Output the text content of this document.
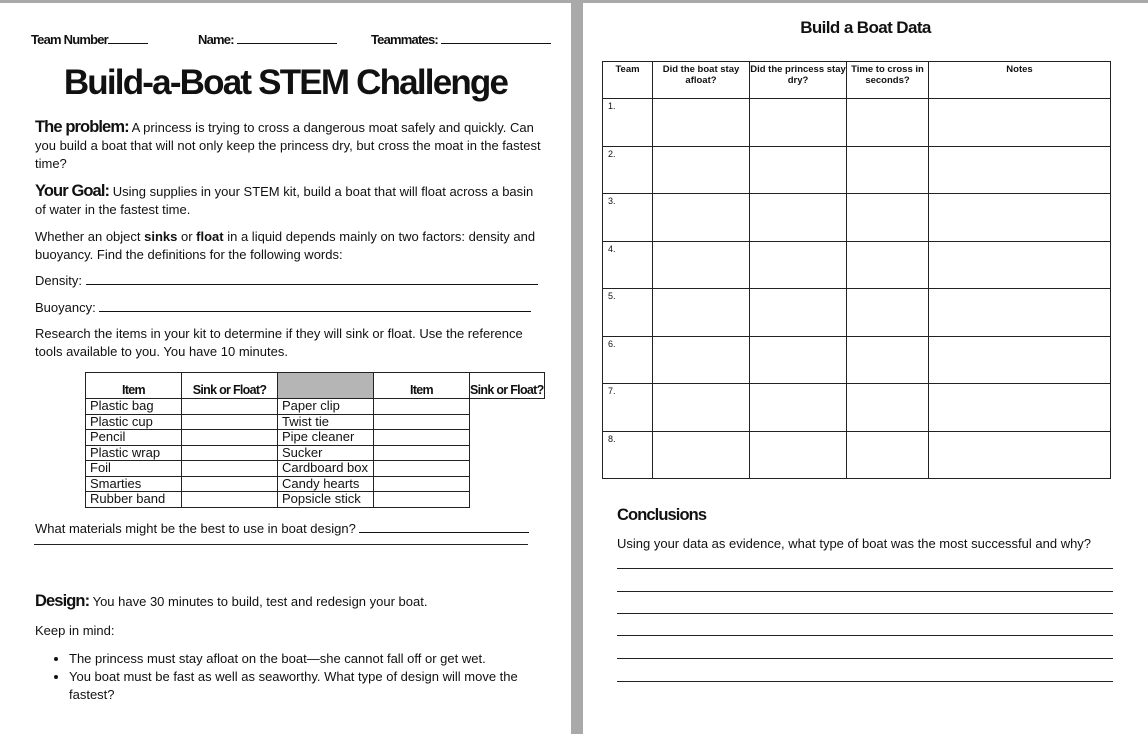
Team Number	Name:	Teammates:
Build-a-Boat STEM Challenge
The problem: A princess is trying to cross a dangerous moat safely and quickly. Can you build a boat that will not only keep the princess dry, but cross the moat in the fastest time?
Your Goal: Using supplies in your STEM kit, build a boat that will float across a basin of water in the fastest time.
Whether an object sinks or float in a liquid depends mainly on two factors: density and buoyancy. Find the definitions for the following words:
Density:
Buoyancy:
Research the items in your kit to determine if they will sink or float. Use the reference tools available to you. You have 10 minutes.
Item	Sink or Float?		Item	Sink or Float?
Plastic bag		Paper clip		
Plastic cup		Twist tie		
Pencil		Pipe cleaner		
Plastic wrap		Sucker		
Foil		Cardboard box		
Smarties		Candy hearts		
Rubber band		Popsicle stick		
What materials might be the best to use in boat design?
Design: You have 30 minutes to build, test and redesign your boat.
Keep in mind:
• The princess must stay afloat on the boat—she cannot fall off or get wet.
• You boat must be fast as well as seaworthy. What type of design will move the fastest?
Build a Boat Data
Team	Did the boat stay afloat?	Did the princess stay dry?	Time to cross in seconds?	Notes
1.				
2.				
3.				
4.				
5.				
6.				
7.				
8.				
Conclusions
Using your data as evidence, what type of boat was the most successful and why?
